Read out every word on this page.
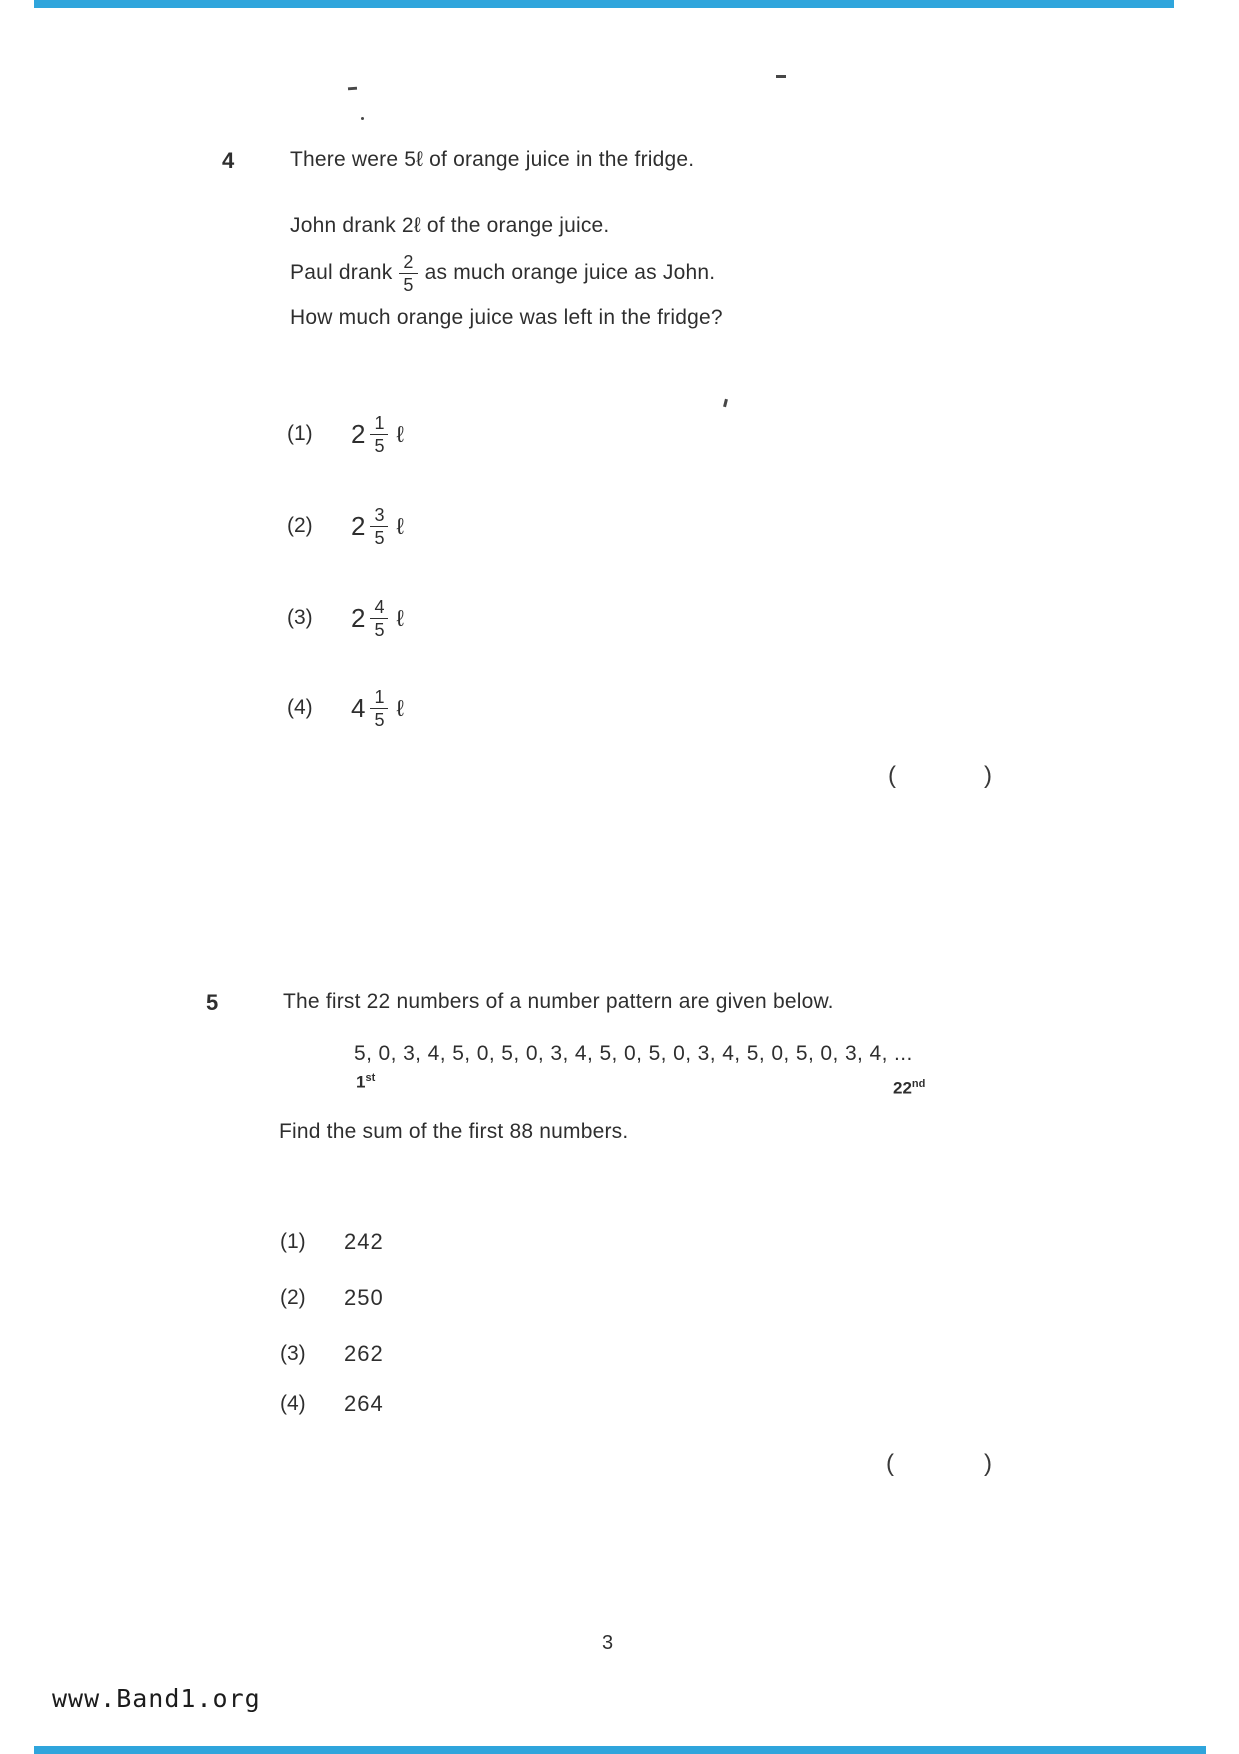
4	There were 5ℓ of orange juice in the fridge.
John drank 2ℓ of the orange juice.
Paul drank $\frac{2}{5}$ as much orange juice as John.
How much orange juice was left in the fridge?
(1)	$2 \frac{1}{5}$ ℓ
(2)	$2 \frac{3}{5}$ ℓ
(3)	$2 \frac{4}{5}$ ℓ
(4)	$4 \frac{1}{5}$ ℓ
(	)
5	The first 22 numbers of a number pattern are given below.
5, 0, 3, 4, 5, 0, 5, 0, 3, 4, 5, 0, 5, 0, 3, 4, 5, 0, 5, 0, 3, 4, ...
1st
22nd
Find the sum of the first 88 numbers.
(1)	242
(2)	250
(3)	262
(4)	264
(	)
3
www.Band1.org
